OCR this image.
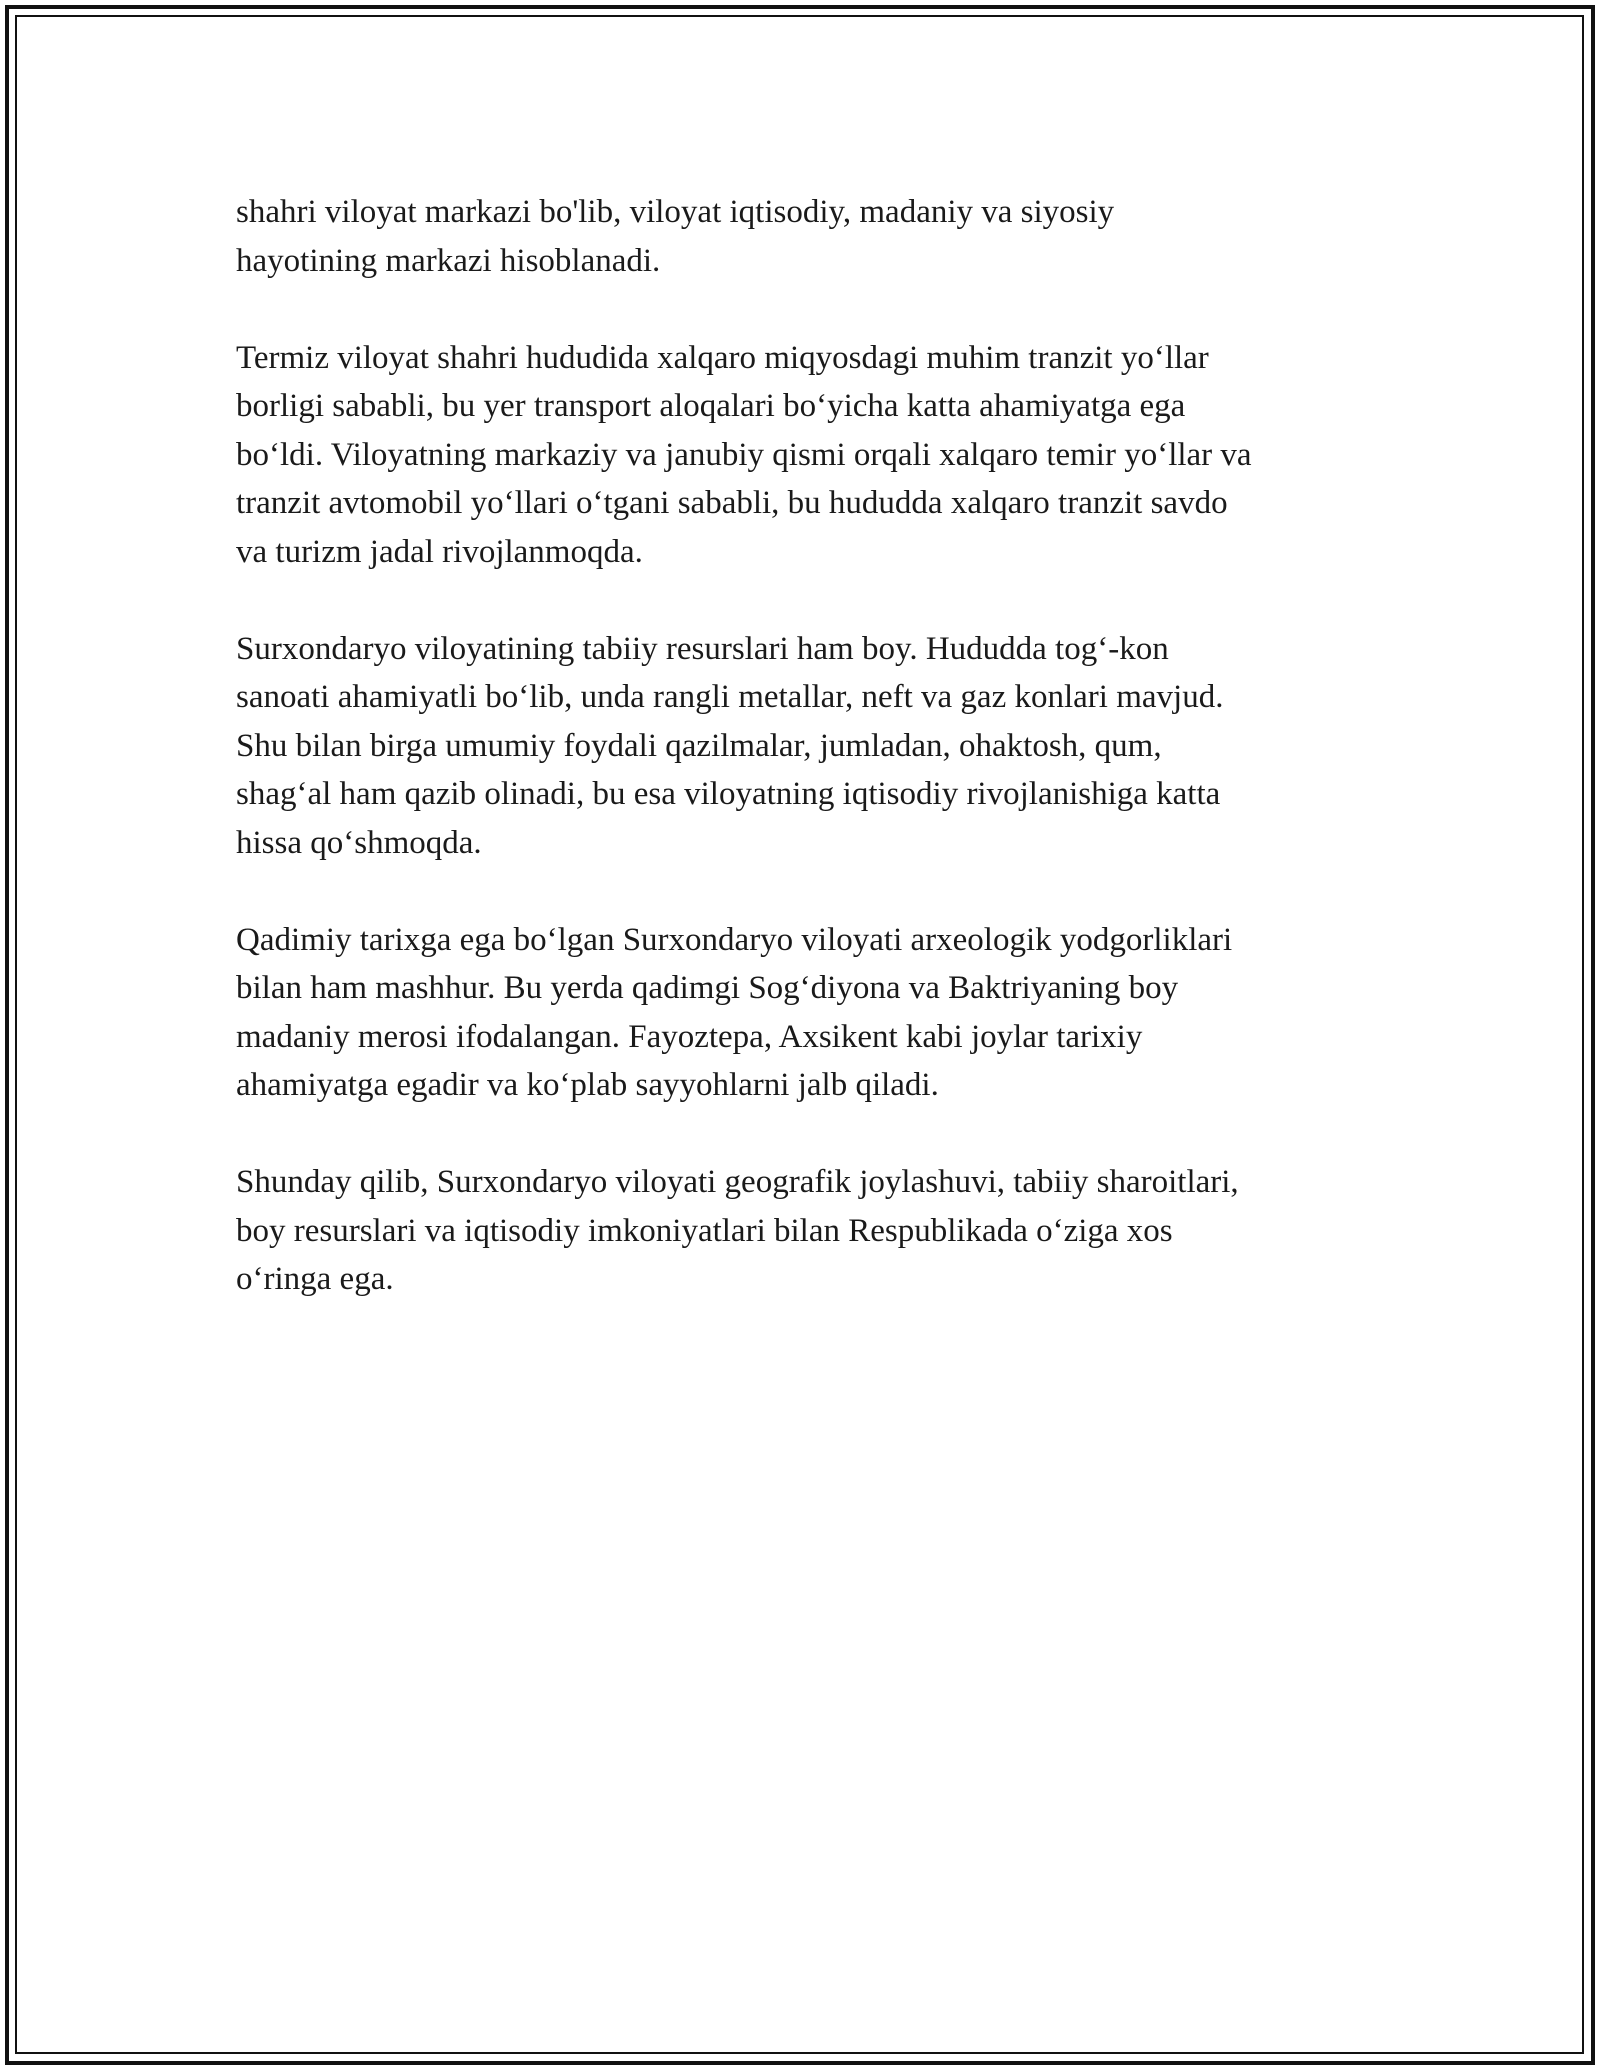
shahri viloyat markazi bo'lib, viloyat iqtisodiy, madaniy va siyosiy
hayotining markazi hisoblanadi.

Termiz viloyat shahri hududida xalqaro miqyosdagi muhim tranzit yo‘llar
borligi sababli, bu yer transport aloqalari bo‘yicha katta ahamiyatga ega
bo‘ldi. Viloyatning markaziy va janubiy qismi orqali xalqaro temir yo‘llar va
tranzit avtomobil yo‘llari o‘tgani sababli, bu hududda xalqaro tranzit savdo
va turizm jadal rivojlanmoqda.

Surxondaryo viloyatining tabiiy resurslari ham boy. Hududda tog‘-kon
sanoati ahamiyatli bo‘lib, unda rangli metallar, neft va gaz konlari mavjud.
Shu bilan birga umumiy foydali qazilmalar, jumladan, ohaktosh, qum,
shag‘al ham qazib olinadi, bu esa viloyatning iqtisodiy rivojlanishiga katta
hissa qo‘shmoqda.

Qadimiy tarixga ega bo‘lgan Surxondaryo viloyati arxeologik yodgorliklari
bilan ham mashhur. Bu yerda qadimgi Sog‘diyona va Baktriyaning boy
madaniy merosi ifodalangan. Fayoztepa, Axsikent kabi joylar tarixiy
ahamiyatga egadir va ko‘plab sayyohlarni jalb qiladi.

Shunday qilib, Surxondaryo viloyati geografik joylashuvi, tabiiy sharoitlari,
boy resurslari va iqtisodiy imkoniyatlari bilan Respublikada o‘ziga xos
o‘ringa ega.
